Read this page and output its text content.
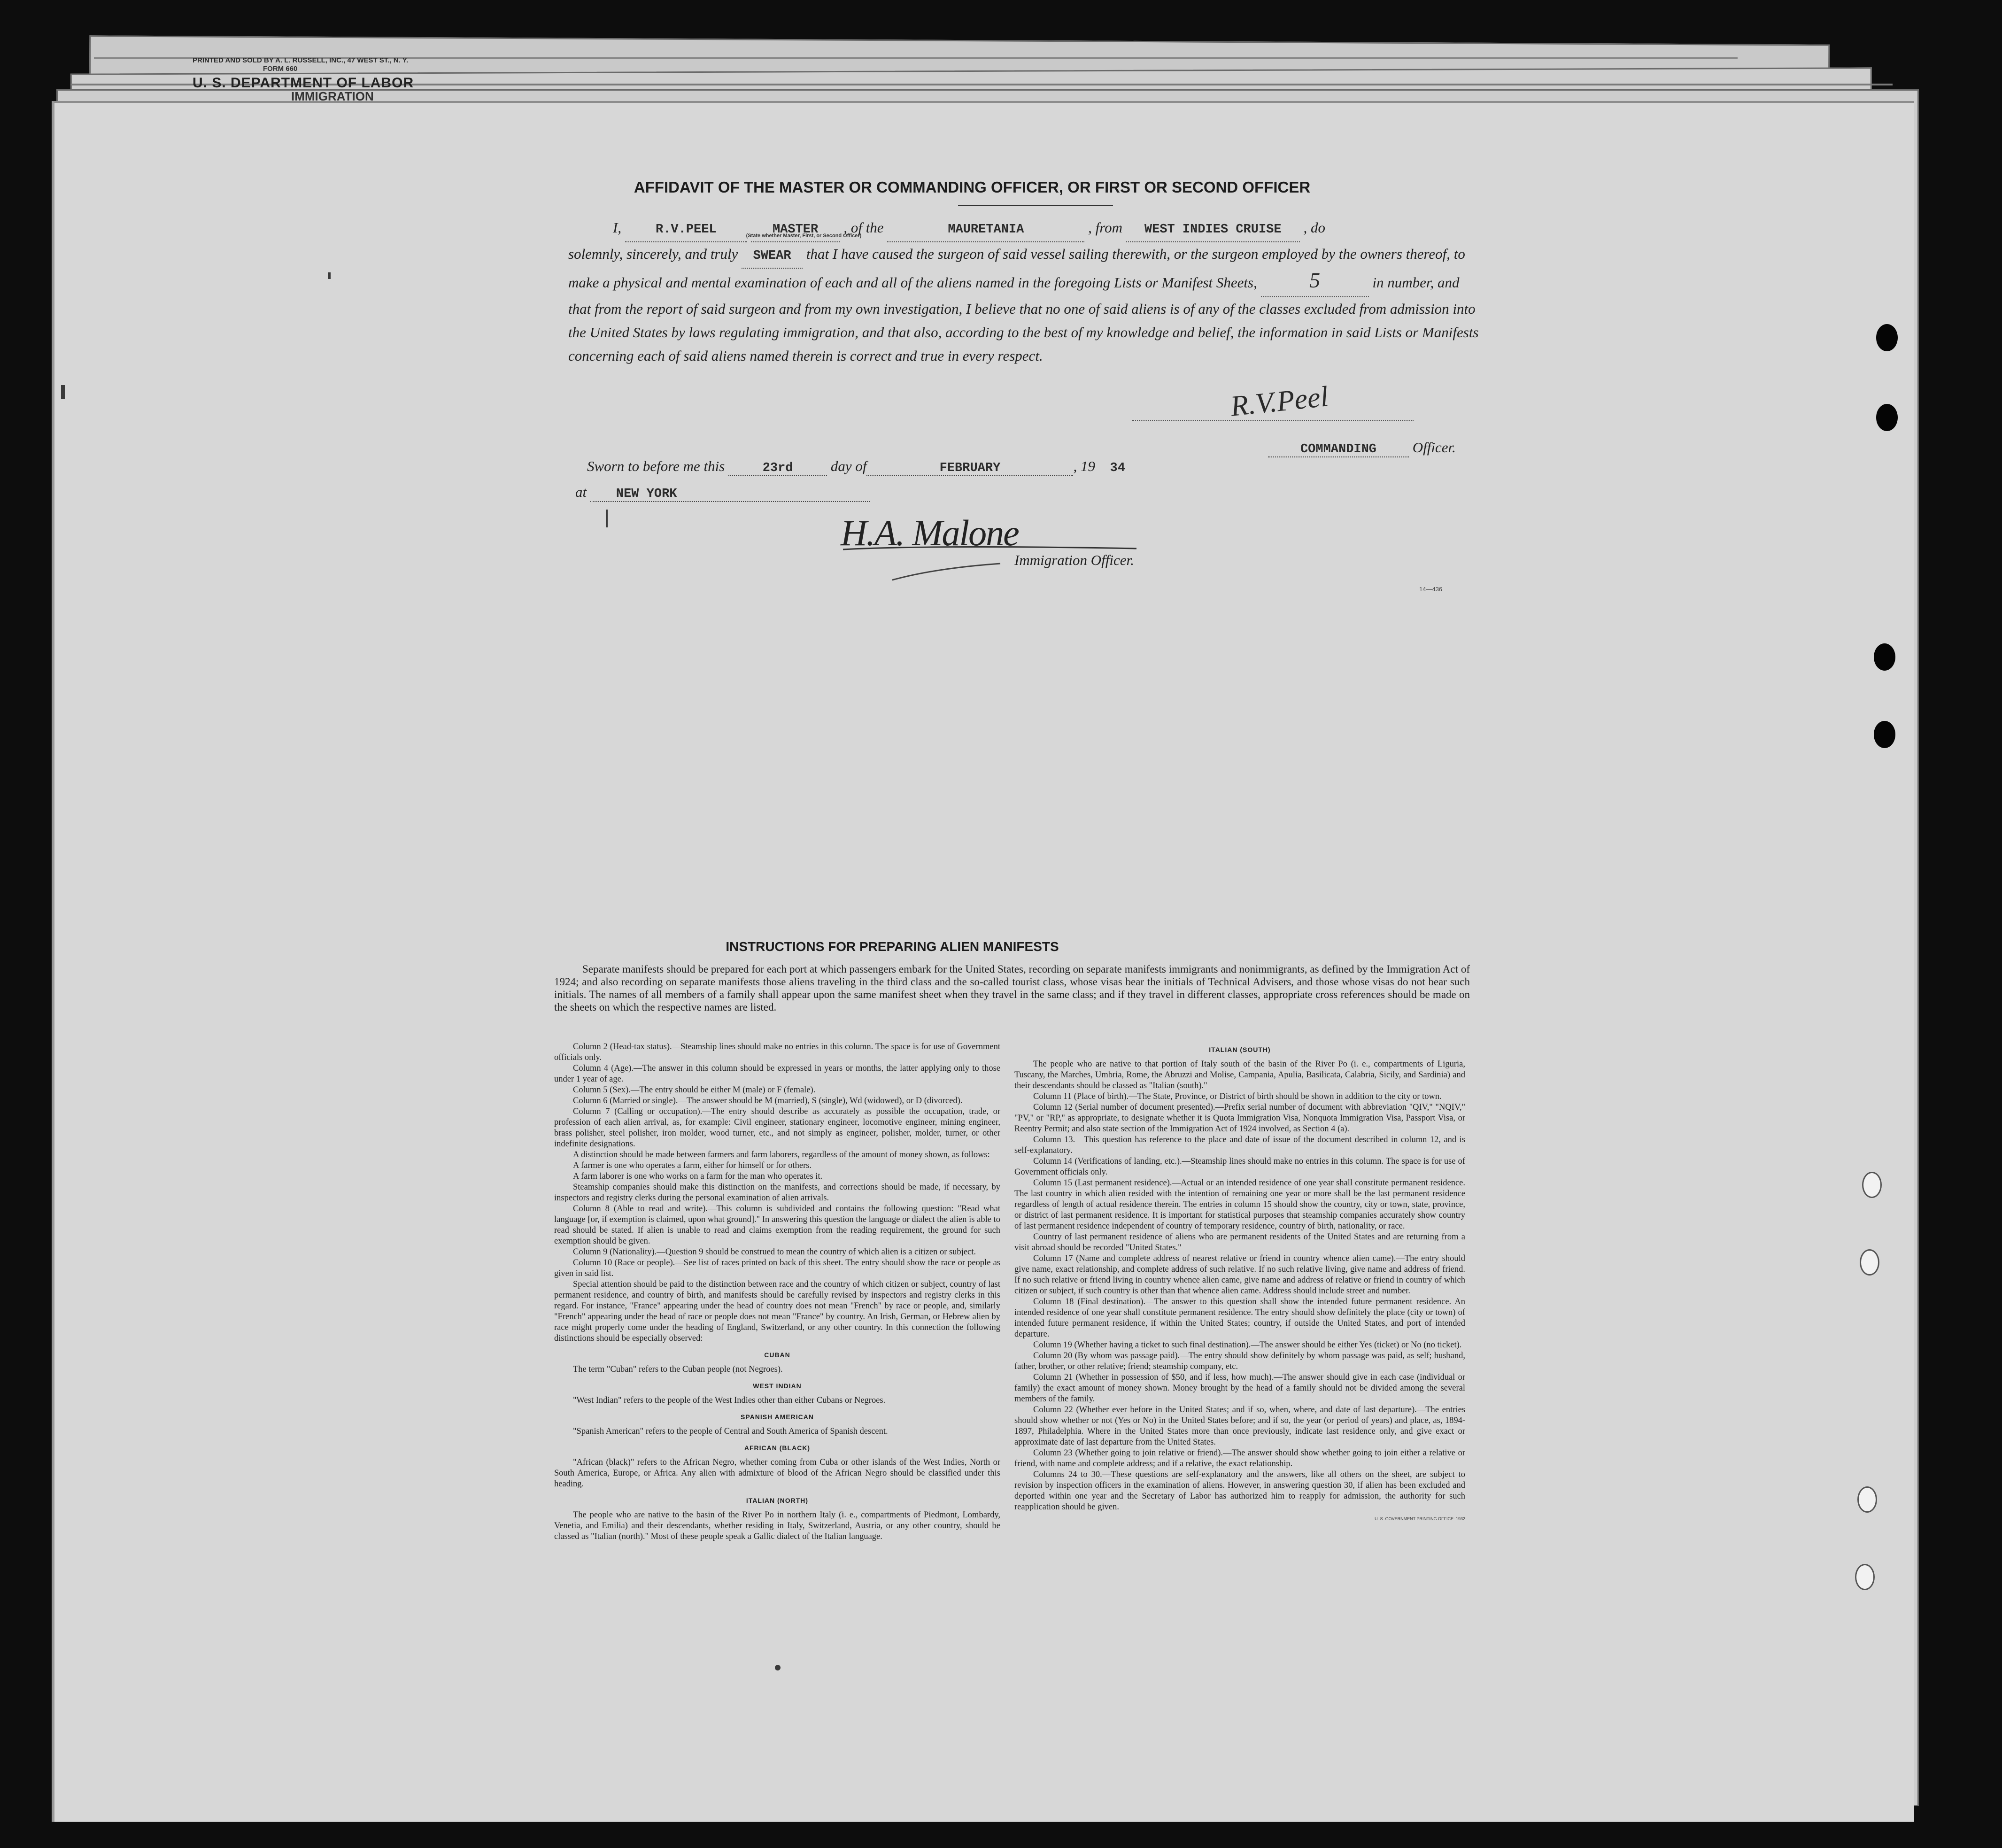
PRINTED AND SOLD BY A. L. RUSSELL, INC., 47 WEST ST., N. Y.
FORM 660
U. S. DEPARTMENT OF LABOR
IMMIGRATION
AFFIDAVIT OF THE MASTER OR COMMANDING OFFICER, OR FIRST OR SECOND OFFICER
I,	R.V.PEEL	MASTER
(State whether Master, First, or Second Officer)
, of the	MAURETANIA	, from WEST INDIES CRUISE , do
solemnly, sincerely, and truly SWEAR that I have caused the surgeon of said vessel sailing therewith, or the surgeon employed by the owners thereof, to make a physical and mental examination of each and all of the aliens named in the foregoing Lists or Manifest Sheets, 5	in number, and that from the report of said surgeon and from my own investigation, I believe that no one of said aliens is of any of the classes excluded from admission into the United States by laws regulating immigration, and that also, according to the best of my knowledge and belief, the information in said Lists or Manifests concerning each of said aliens named therein is correct and true in every respect.
R.V.Peel
COMMANDING Officer.
Sworn to before me this	23rd	day of	FEBRUARY	, 19 34
at NEW YORK
H.A. Malone
Immigration Officer.
14—436
INSTRUCTIONS FOR PREPARING ALIEN MANIFESTS
Separate manifests should be prepared for each port at which passengers embark for the United States, recording on separate manifests immigrants and nonimmigrants, as defined by the Immigration Act of 1924; and also recording on separate manifests those aliens traveling in the third class and the so-called tourist class, whose visas bear the initials of Technical Advisers, and those whose visas do not bear such initials. The names of all members of a family shall appear upon the same manifest sheet when they travel in the same class; and if they travel in different classes, appropriate cross references should be made on the sheets on which the respective names are listed.

Column 2 (Head-tax status).—Steamship lines should make no entries in this column. The space is for use of Government officials only.

Column 4 (Age).—The answer in this column should be expressed in years or months, the latter applying only to those under 1 year of age.

Column 5 (Sex).—The entry should be either M (male) or F (female).

Column 6 (Married or single).—The answer should be M (married), S (single), Wd (widowed), or D (divorced).

Column 7 (Calling or occupation).—The entry should describe as accurately as possible the occupation, trade, or profession of each alien arrival, as, for example: Civil engineer, stationary engineer, locomotive engineer, mining engineer, brass polisher, steel polisher, iron molder, wood turner, etc., and not simply as engineer, polisher, molder, turner, or other indefinite designations.

A distinction should be made between farmers and farm laborers, regardless of the amount of money shown, as follows:

A farmer is one who operates a farm, either for himself or for others.

A farm laborer is one who works on a farm for the man who operates it.

Steamship companies should make this distinction on the manifests, and corrections should be made, if necessary, by inspectors and registry clerks during the personal examination of alien arrivals.

Column 8 (Able to read and write).—This column is subdivided and contains the following question: "Read what language [or, if exemption is claimed, upon what ground]." In answering this question the language or dialect the alien is able to read should be stated. If alien is unable to read and claims exemption from the reading requirement, the ground for such exemption should be given.

Column 9 (Nationality).—Question 9 should be construed to mean the country of which alien is a citizen or subject.

Column 10 (Race or people).—See list of races printed on back of this sheet. The entry should show the race or people as given in said list.

Special attention should be paid to the distinction between race and the country of which citizen or subject, country of last permanent residence, and country of birth, and manifests should be carefully revised by inspectors and registry clerks in this regard. For instance, "France" appearing under the head of country does not mean "French" by race or people, and, similarly "French" appearing under the head of race or people does not mean "France" by country. An Irish, German, or Hebrew alien by race might properly come under the heading of England, Switzerland, or any other country. In this connection the following distinctions should be especially observed:

CUBAN

The term "Cuban" refers to the Cuban people (not Negroes).

WEST INDIAN

"West Indian" refers to the people of the West Indies other than either Cubans or Negroes.

SPANISH AMERICAN

"Spanish American" refers to the people of Central and South America of Spanish descent.

AFRICAN (BLACK)

"African (black)" refers to the African Negro, whether coming from Cuba or other islands of the West Indies, North or South America, Europe, or Africa. Any alien with admixture of blood of the African Negro should be classified under this heading.

ITALIAN (NORTH)

The people who are native to the basin of the River Po in northern Italy (i. e., compartments of Piedmont, Lombardy, Venetia, and Emilia) and their descendants, whether residing in Italy, Switzerland, Austria, or any other country, should be classed as "Italian (north)." Most of these people speak a Gallic dialect of the Italian language.

ITALIAN (SOUTH)

The people who are native to that portion of Italy south of the basin of the River Po (i. e., compartments of Liguria, Tuscany, the Marches, Umbria, Rome, the Abruzzi and Molise, Campania, Apulia, Basilicata, Calabria, Sicily, and Sardinia) and their descendants should be classed as "Italian (south)."

Column 11 (Place of birth).—The State, Province, or District of birth should be shown in addition to the city or town.

Column 12 (Serial number of document presented).—Prefix serial number of document with abbreviation "QIV," "NQIV," "PV," or "RP," as appropriate, to designate whether it is Quota Immigration Visa, Nonquota Immigration Visa, Passport Visa, or Reentry Permit; and also state section of the Immigration Act of 1924 involved, as Section 4 (a).

Column 13.—This question has reference to the place and date of issue of the document described in column 12, and is self-explanatory.

Column 14 (Verifications of landing, etc.).—Steamship lines should make no entries in this column. The space is for use of Government officials only.

Column 15 (Last permanent residence).—Actual or an intended residence of one year shall constitute permanent residence. The last country in which alien resided with the intention of remaining one year or more shall be the last permanent residence regardless of length of actual residence therein. The entries in column 15 should show the country, city or town, state, province, or district of last permanent residence. It is important for statistical purposes that steamship companies accurately show country of last permanent residence independent of country of temporary residence, country of birth, nationality, or race.

Country of last permanent residence of aliens who are permanent residents of the United States and are returning from a visit abroad should be recorded "United States."

Column 17 (Name and complete address of nearest relative or friend in country whence alien came).—The entry should give name, exact relationship, and complete address of such relative. If no such relative living, give name and address of friend. If no such relative or friend living in country whence alien came, give name and address of relative or friend in country of which citizen or subject, if such country is other than that whence alien came. Address should include street and number.

Column 18 (Final destination).—The answer to this question shall show the intended future permanent residence. An intended residence of one year shall constitute permanent residence. The entry should show definitely the place (city or town) of intended future permanent residence, if within the United States; country, if outside the United States, and port of intended departure.

Column 19 (Whether having a ticket to such final destination).—The answer should be either Yes (ticket) or No (no ticket).

Column 20 (By whom was passage paid).—The entry should show definitely by whom passage was paid, as self; husband, father, brother, or other relative; friend; steamship company, etc.

Column 21 (Whether in possession of $50, and if less, how much).—The answer should give in each case (individual or family) the exact amount of money shown. Money brought by the head of a family should not be divided among the several members of the family.

Column 22 (Whether ever before in the United States; and if so, when, where, and date of last departure).—The entries should show whether or not (Yes or No) in the United States before; and if so, the year (or period of years) and place, as, 1894-1897, Philadelphia. Where in the United States more than once previously, indicate last residence only, and give exact or approximate date of last departure from the United States.

Column 23 (Whether going to join relative or friend).—The answer should show whether going to join either a relative or friend, with name and complete address; and if a relative, the exact relationship.

Columns 24 to 30.—These questions are self-explanatory and the answers, like all others on the sheet, are subject to revision by inspection officers in the examination of aliens. However, in answering question 30, if alien has been excluded and deported within one year and the Secretary of Labor has authorized him to reapply for admission, the authority for such reapplication should be given.

U. S. GOVERNMENT PRINTING OFFICE: 1932
